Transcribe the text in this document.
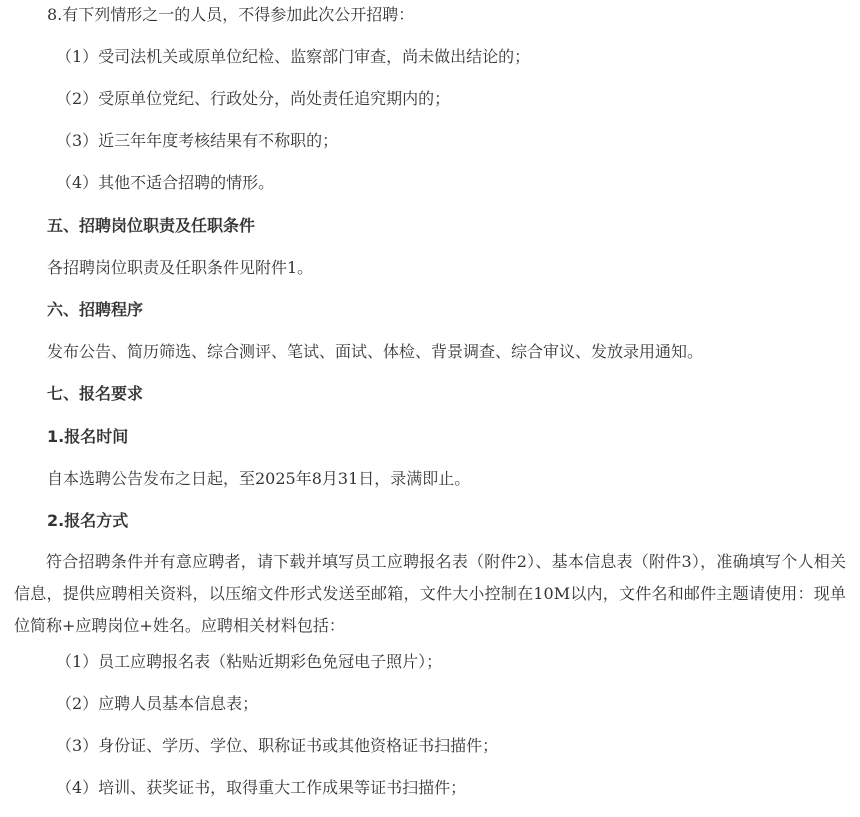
8.有下列情形之一的人员，不得参加此次公开招聘：
（1）受司法机关或原单位纪检、监察部门审查，尚未做出结论的；
（2）受原单位党纪、行政处分，尚处责任追究期内的；
（3）近三年年度考核结果有不称职的；
（4）其他不适合招聘的情形。
五、招聘岗位职责及任职条件
各招聘岗位职责及任职条件见附件1。
六、招聘程序
发布公告、简历筛选、综合测评、笔试、面试、体检、背景调查、综合审议、发放录用通知。
七、报名要求
1.报名时间
自本选聘公告发布之日起，至2025年8月31日，录满即止。
2.报名方式
符合招聘条件并有意应聘者，请下载并填写员工应聘报名表（附件2）、基本信息表（附件3），准确填写个人相关信息，提供应聘相关资料，以压缩文件形式发送至邮箱，文件大小控制在10M以内，文件名和邮件主题请使用：现单位简称+应聘岗位+姓名。应聘相关材料包括：
（1）员工应聘报名表（粘贴近期彩色免冠电子照片）；
（2）应聘人员基本信息表；
（3）身份证、学历、学位、职称证书或其他资格证书扫描件；
（4）培训、获奖证书，取得重大工作成果等证书扫描件；
